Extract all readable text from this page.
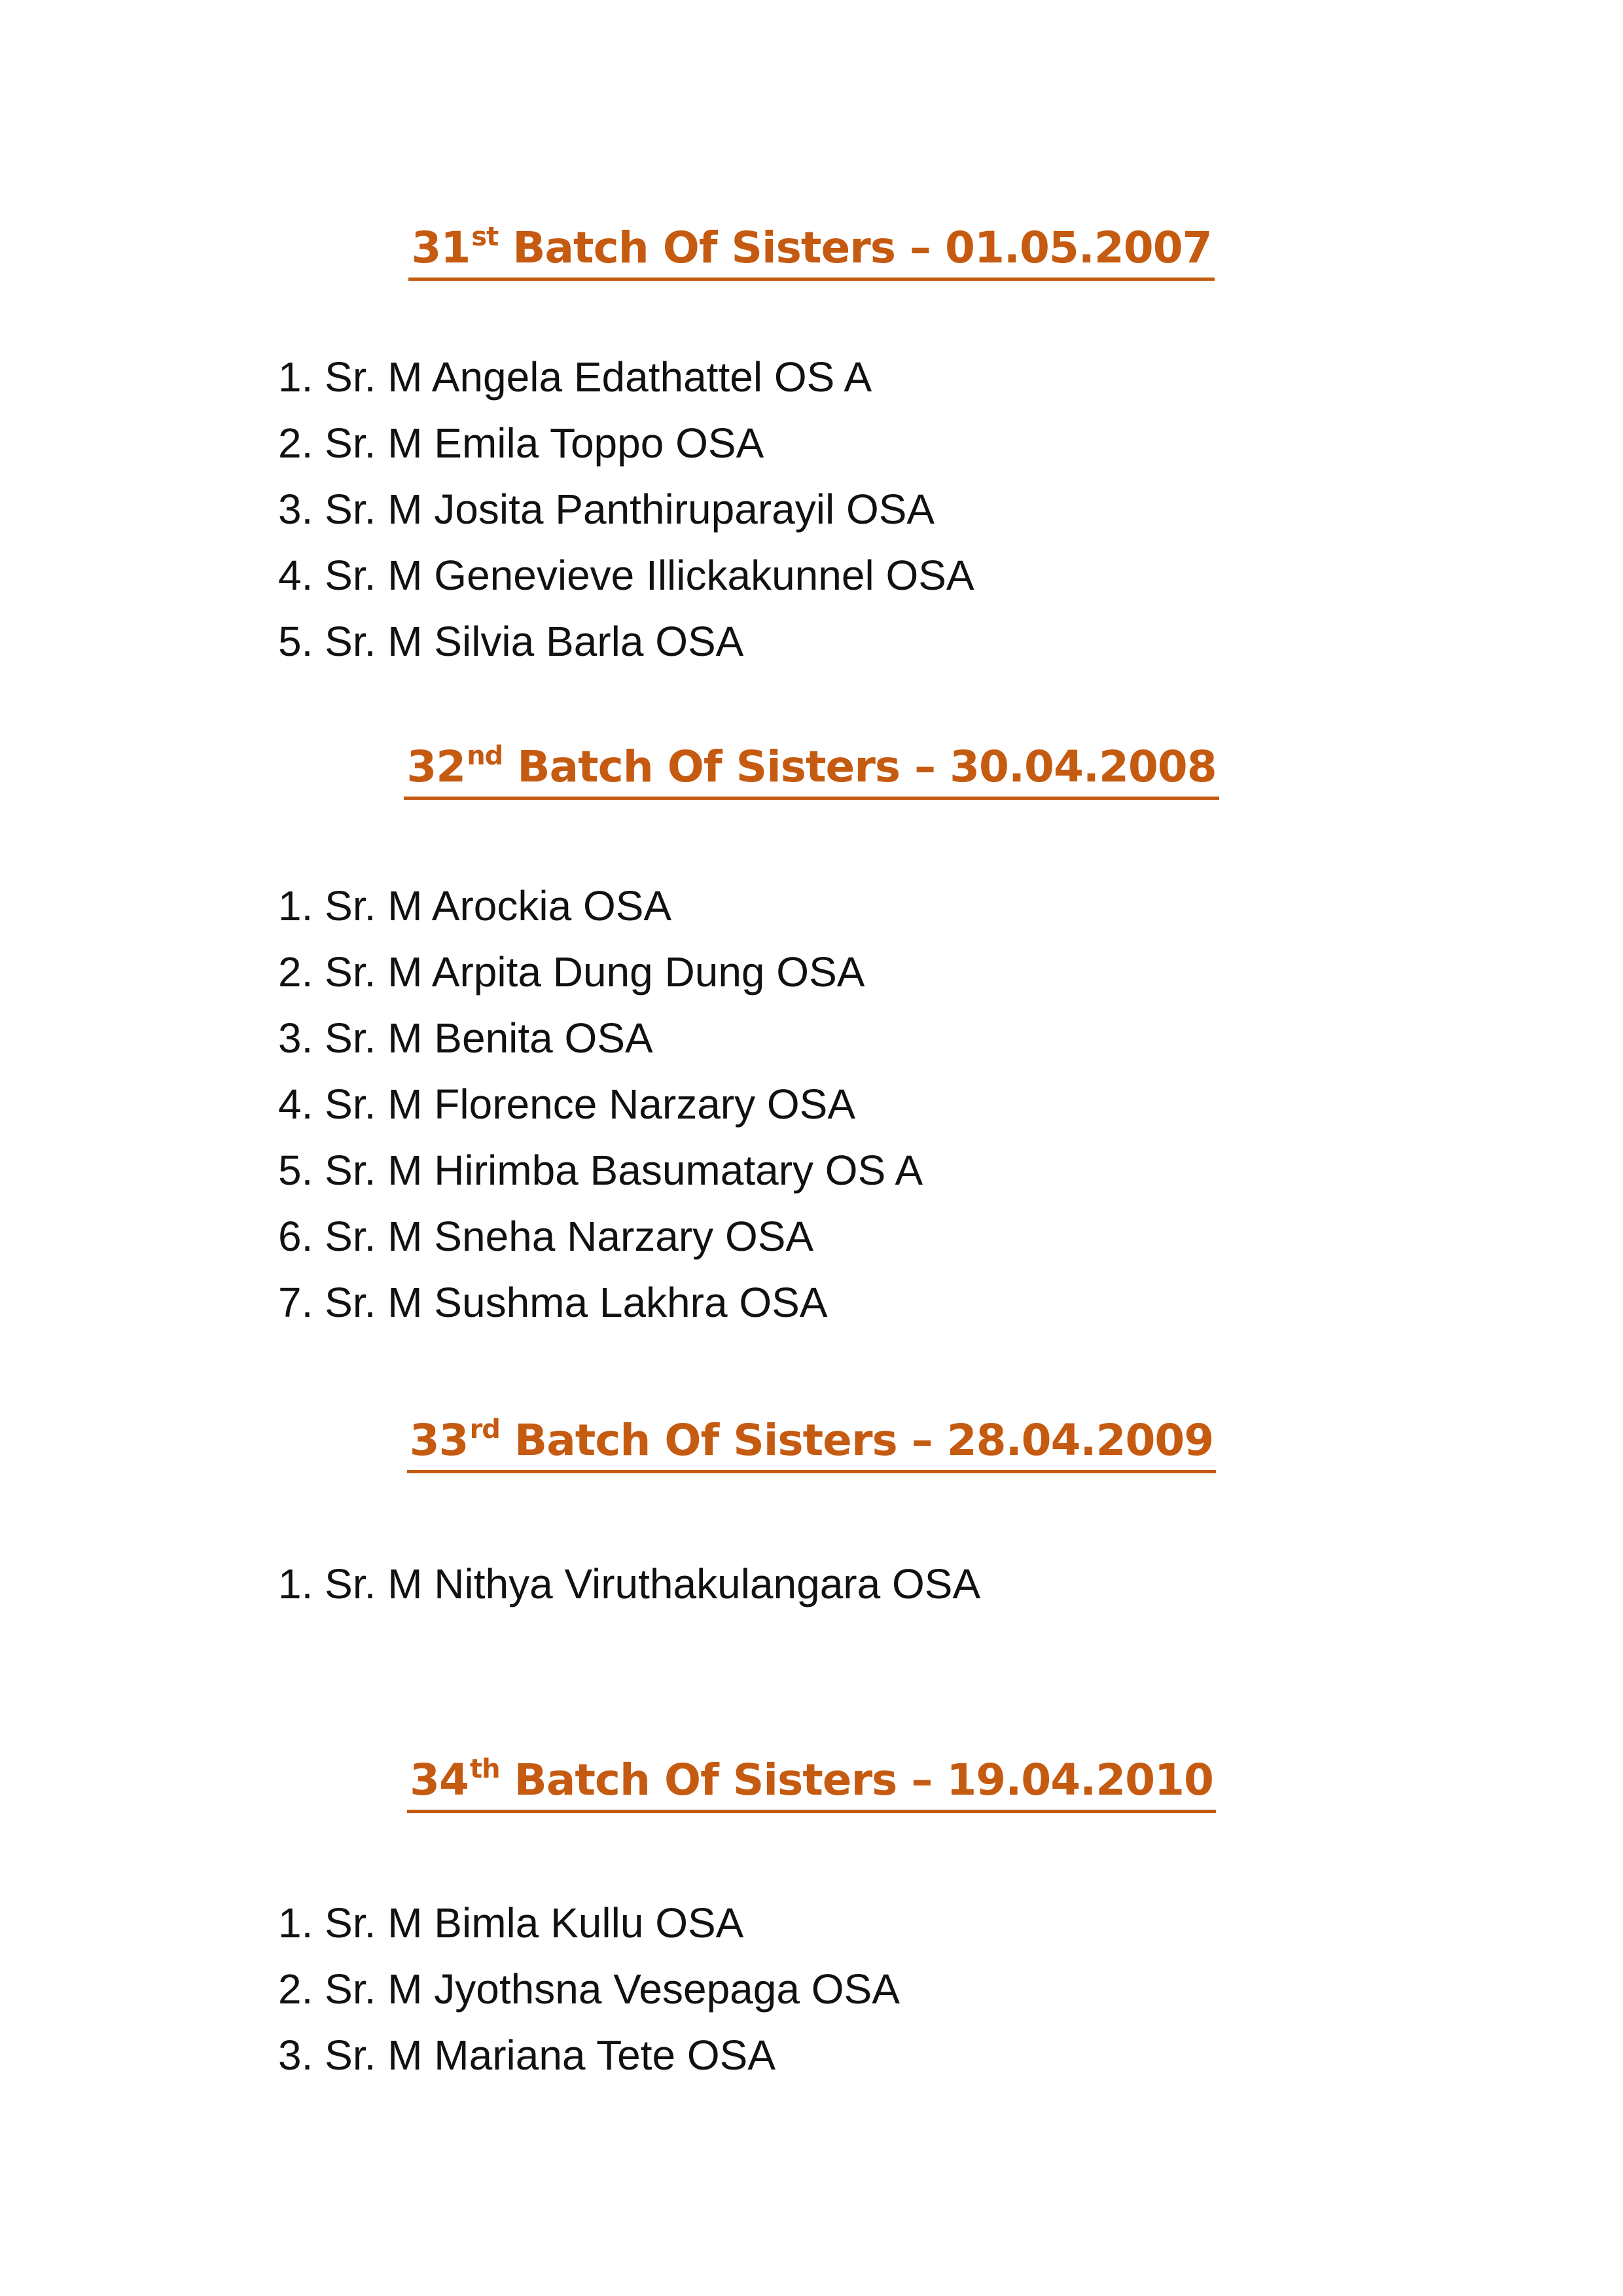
31st Batch Of Sisters – 01.05.2007
1. Sr. M Angela Edathattel OS A
2. Sr. M Emila Toppo OSA
3. Sr. M Josita Panthiruparayil OSA
4. Sr. M Genevieve Illickakunnel OSA
5. Sr. M Silvia Barla OSA
32nd Batch Of Sisters – 30.04.2008
1. Sr. M Arockia OSA
2. Sr. M Arpita Dung Dung OSA
3. Sr. M Benita OSA
4. Sr. M Florence Narzary OSA
5. Sr. M Hirimba Basumatary OS A
6. Sr. M Sneha Narzary OSA
7. Sr. M Sushma Lakhra OSA
33rd Batch Of Sisters – 28.04.2009
1. Sr. M Nithya Viruthakulangara OSA
34th Batch Of Sisters – 19.04.2010
1. Sr. M Bimla Kullu OSA
2. Sr. M Jyothsna Vesepaga OSA
3. Sr. M Mariana Tete OSA
